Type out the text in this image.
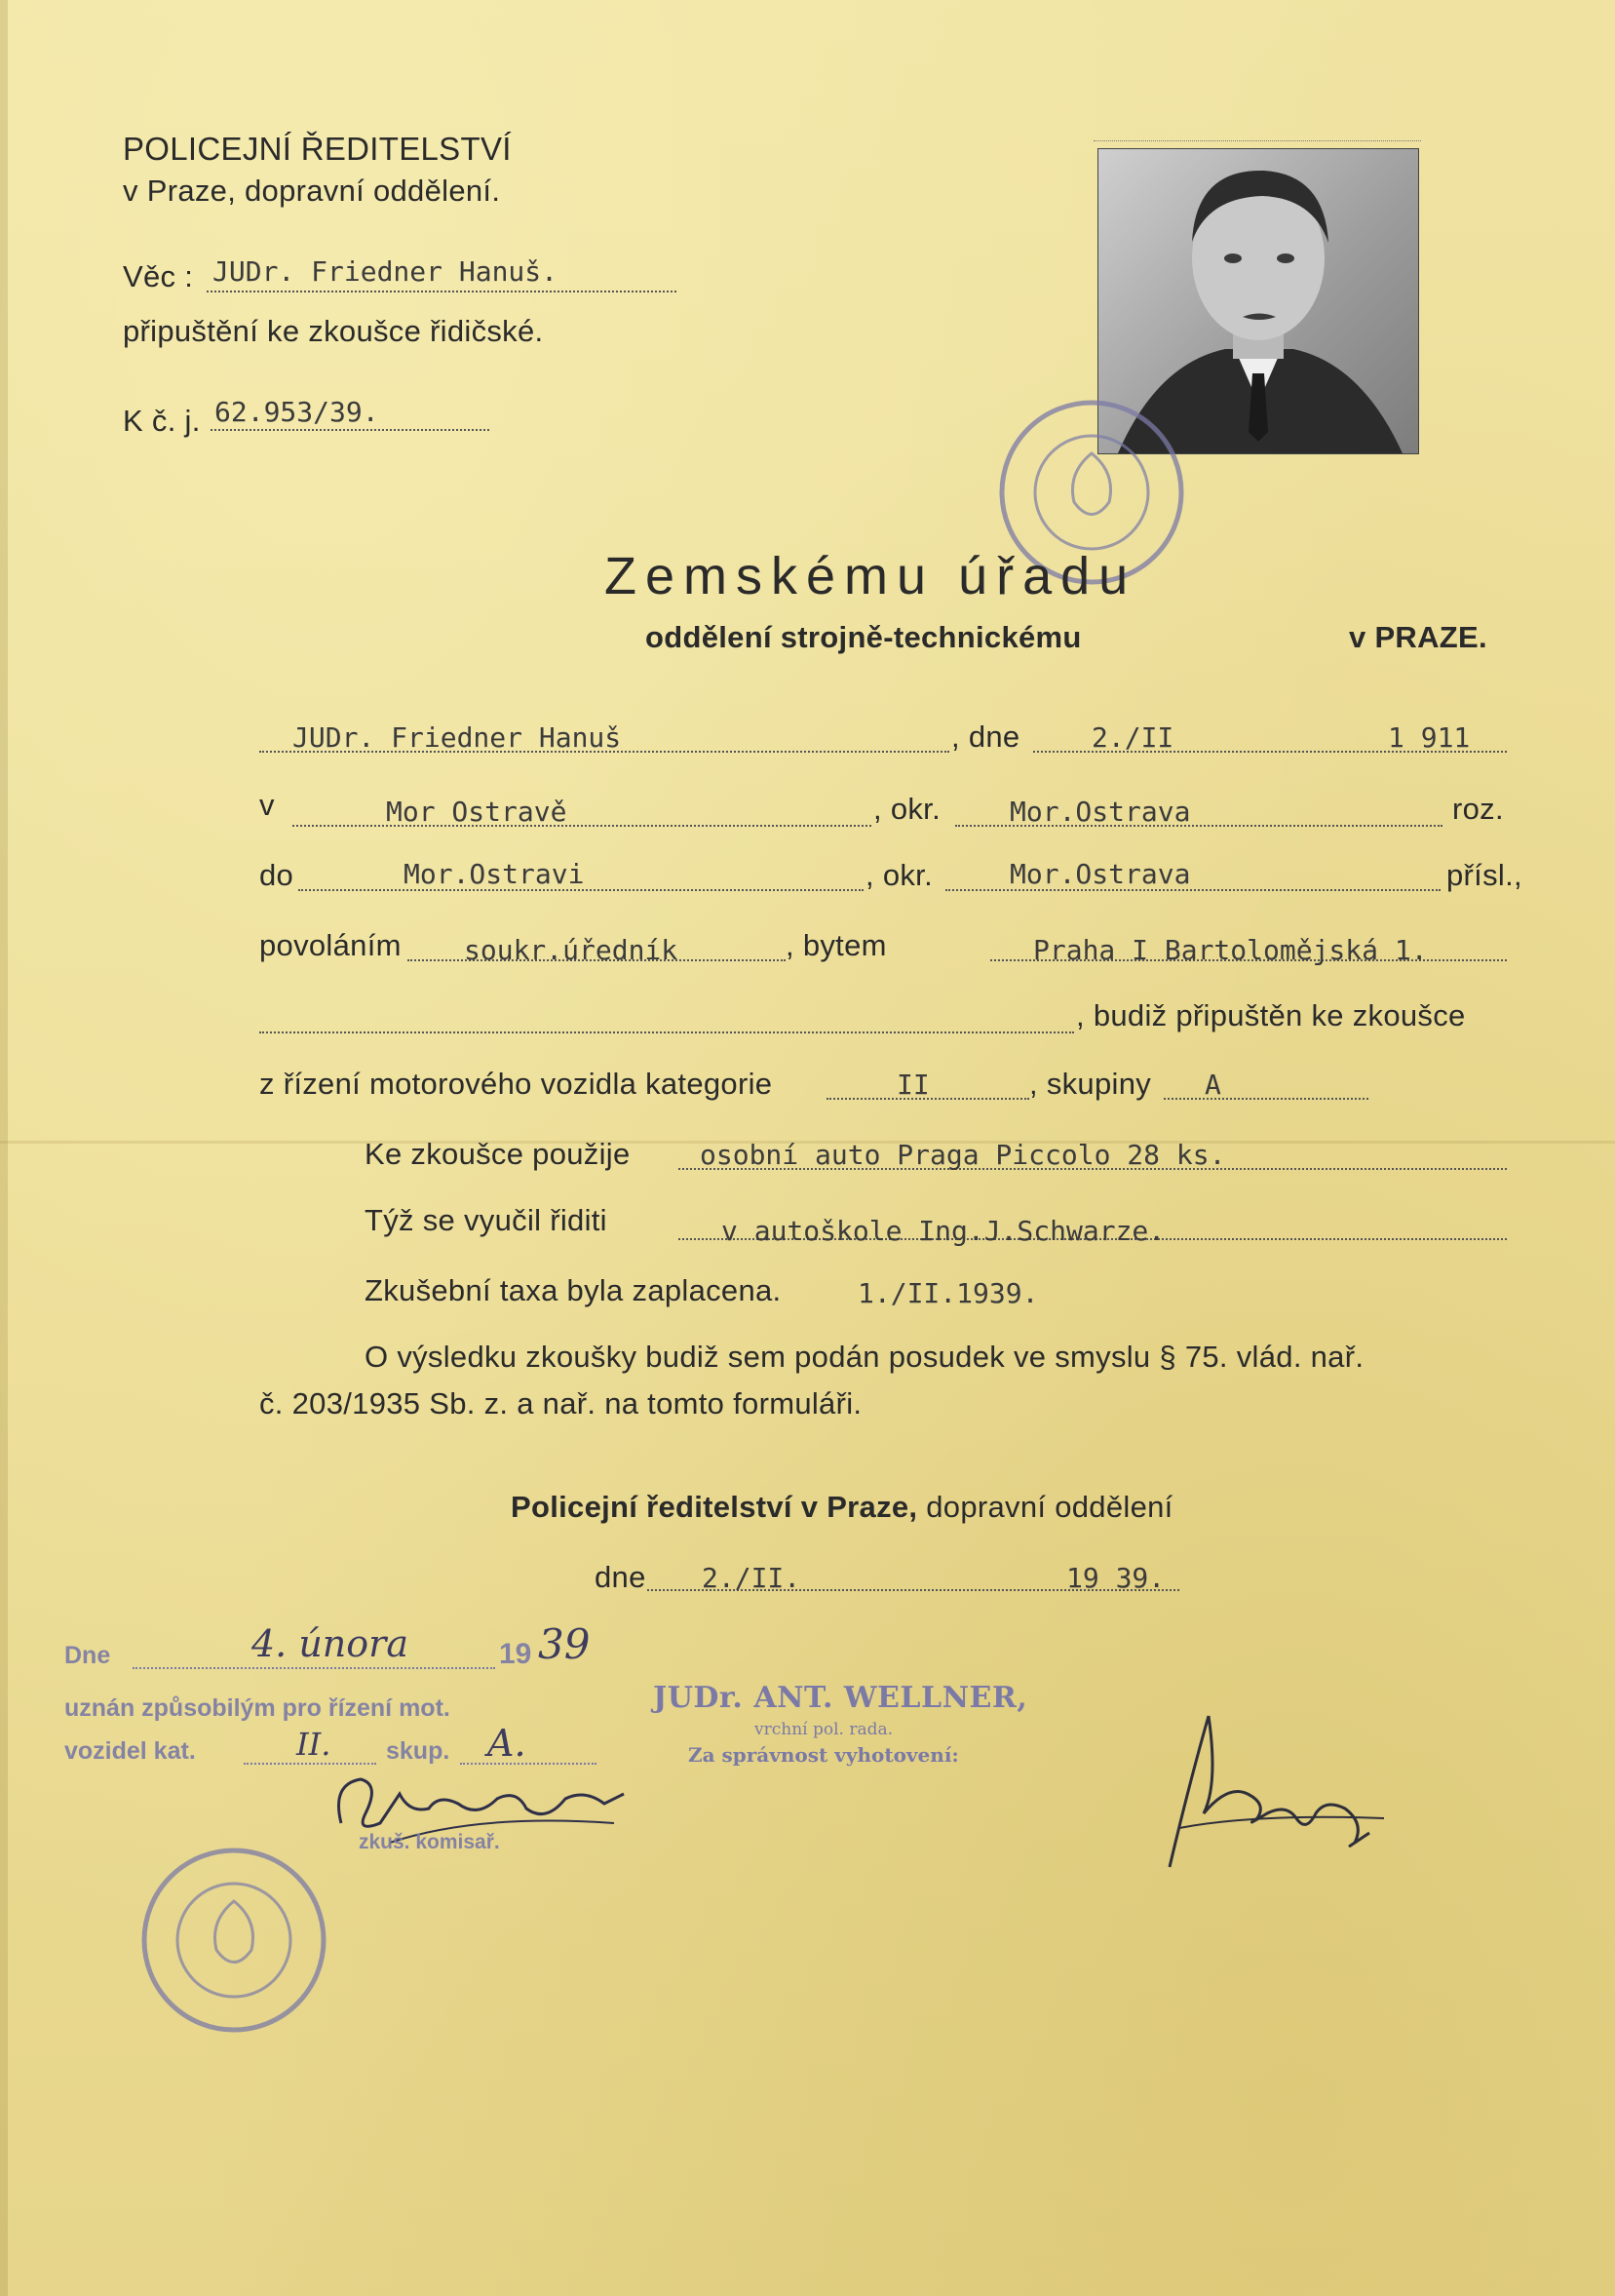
POLICEJNÍ ŘEDITELSTVÍ
v Praze, dopravní oddělení.
Věc : JUDr. Friedner Hanuš.
připuštění ke zkoušce řidičské.
K č. j. 62.953/39.
Zemskému úřadu
oddělení strojně-technickému	v PRAZE.
JUDr. Friedner Hanuš	, dne	2./II	1 911
v	Mor Ostravě	, okr.	Mor.Ostrava	roz.
do	Mor.Ostravi	, okr.	Mor.Ostrava	přísl.,
povoláním soukr.úředník	, bytem	Praha I Bartolomějská 1.
, budiž připuštěn ke zkoušce
z řízení motorového vozidla kategorie	II	, skupiny A
Ke zkoušce použije	osobní auto Praga Piccolo 28 ks.
Týž se vyučil řiditi	v autoškole Ing.J.Schwarze.
Zkušební taxa byla zaplacena.	1./II.1939.
O výsledku zkoušky budiž sem podán posudek ve smyslu § 75. vlád. nař.
č. 203/1935 Sb. z. a nař. na tomto formuláři.
Policejní ředitelství v Praze, dopravní oddělení
dne 2./II.	19 39.
Dne	4. února	19 39
uznán způsobilým pro řízení mot.
vozidel kat.	II. skup. A.
zkuš. komisař.
JUDr. ANT. WELLNER,
vrchní pol. rada.
Za správnost vyhotovení:
